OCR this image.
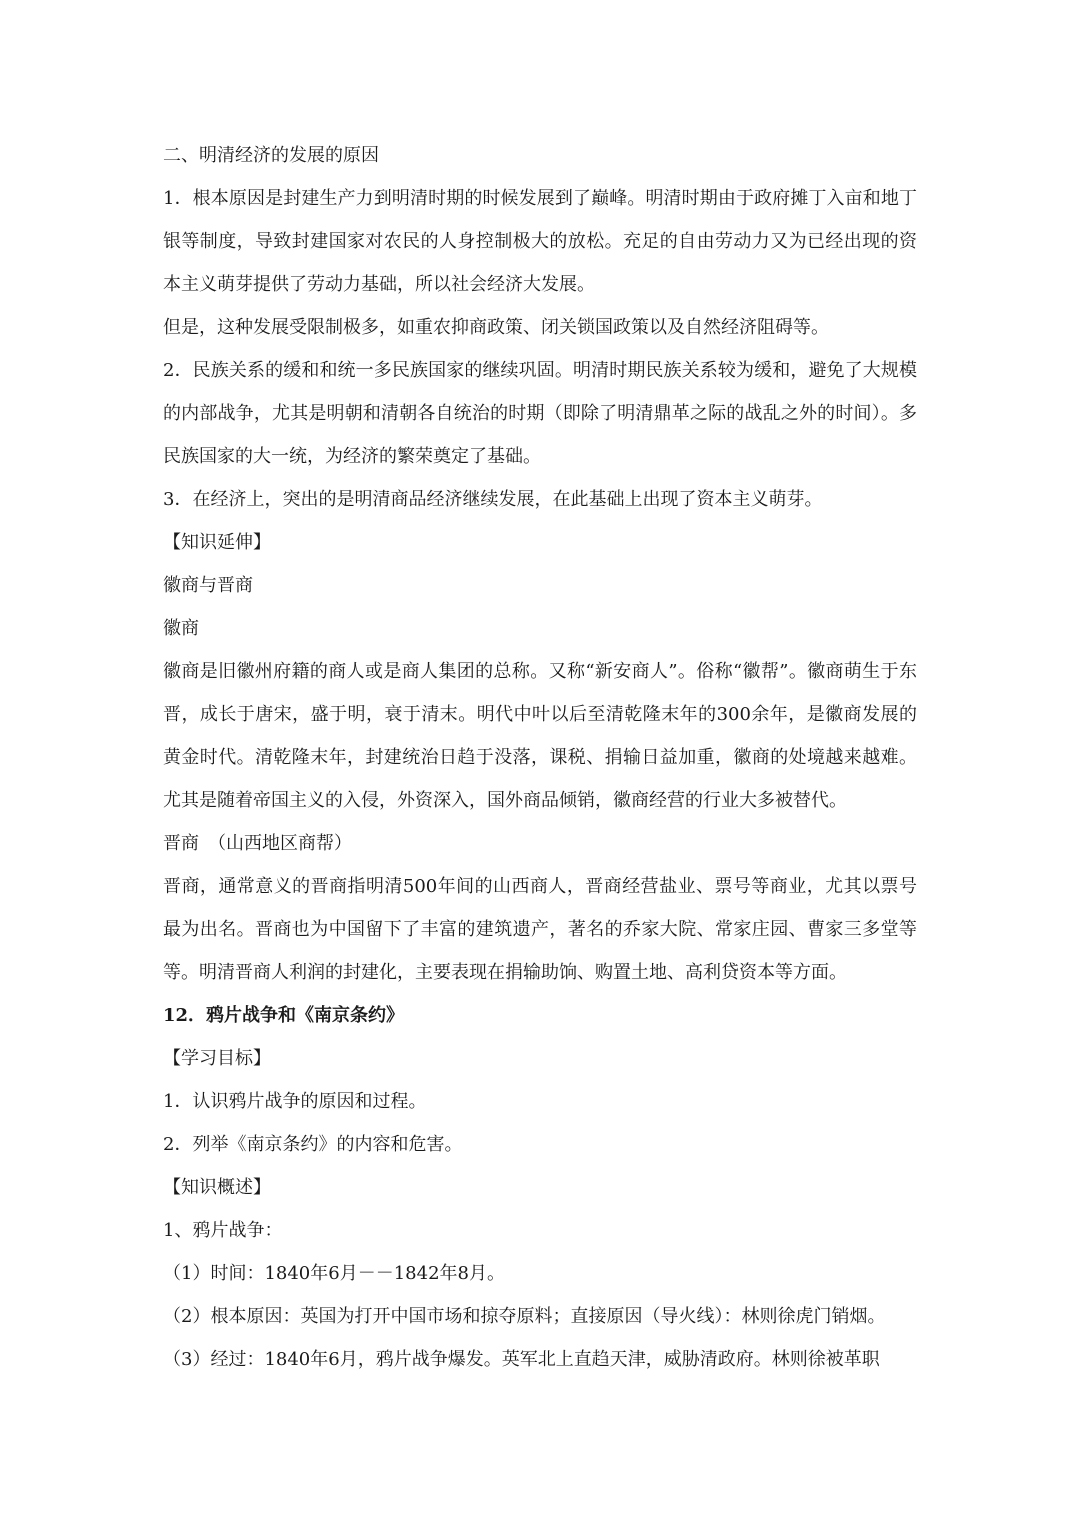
二、明清经济的发展的原因
1．根本原因是封建生产力到明清时期的时候发展到了巅峰。明清时期由于政府摊丁入亩和地丁银等制度，导致封建国家对农民的人身控制极大的放松。充足的自由劳动力又为已经出现的资本主义萌芽提供了劳动力基础，所以社会经济大发展。
但是，这种发展受限制极多，如重农抑商政策、闭关锁国政策以及自然经济阻碍等。
2．民族关系的缓和和统一多民族国家的继续巩固。明清时期民族关系较为缓和，避免了大规模的内部战争，尤其是明朝和清朝各自统治的时期（即除了明清鼎革之际的战乱之外的时间）。多民族国家的大一统，为经济的繁荣奠定了基础。
3．在经济上，突出的是明清商品经济继续发展，在此基础上出现了资本主义萌芽。
【知识延伸】
徽商与晋商
徽商
徽商是旧徽州府籍的商人或是商人集团的总称。又称“新安商人”。俗称“徽帮”。徽商萌生于东晋，成长于唐宋，盛于明，衰于清末。明代中叶以后至清乾隆末年的300余年，是徽商发展的黄金时代。清乾隆末年，封建统治日趋于没落，课税、捐输日益加重，徽商的处境越来越难。尤其是随着帝国主义的入侵，外资深入，国外商品倾销，徽商经营的行业大多被替代。
晋商　（山西地区商帮）
晋商，通常意义的晋商指明清500年间的山西商人，晋商经营盐业、票号等商业，尤其以票号最为出名。晋商也为中国留下了丰富的建筑遗产，著名的乔家大院、常家庄园、曹家三多堂等等。明清晋商人利润的封建化，主要表现在捐输助饷、购置土地、高利贷资本等方面。
12．鸦片战争和《南京条约》
【学习目标】
1．认识鸦片战争的原因和过程。
2．列举《南京条约》的内容和危害。
【知识概述】
1、鸦片战争：
（1）时间：1840年6月－－1842年8月。
（2）根本原因：英国为打开中国市场和掠夺原料；直接原因（导火线）：林则徐虎门销烟。
（3）经过：1840年6月，鸦片战争爆发。英军北上直趋天津，威胁清政府。林则徐被革职
